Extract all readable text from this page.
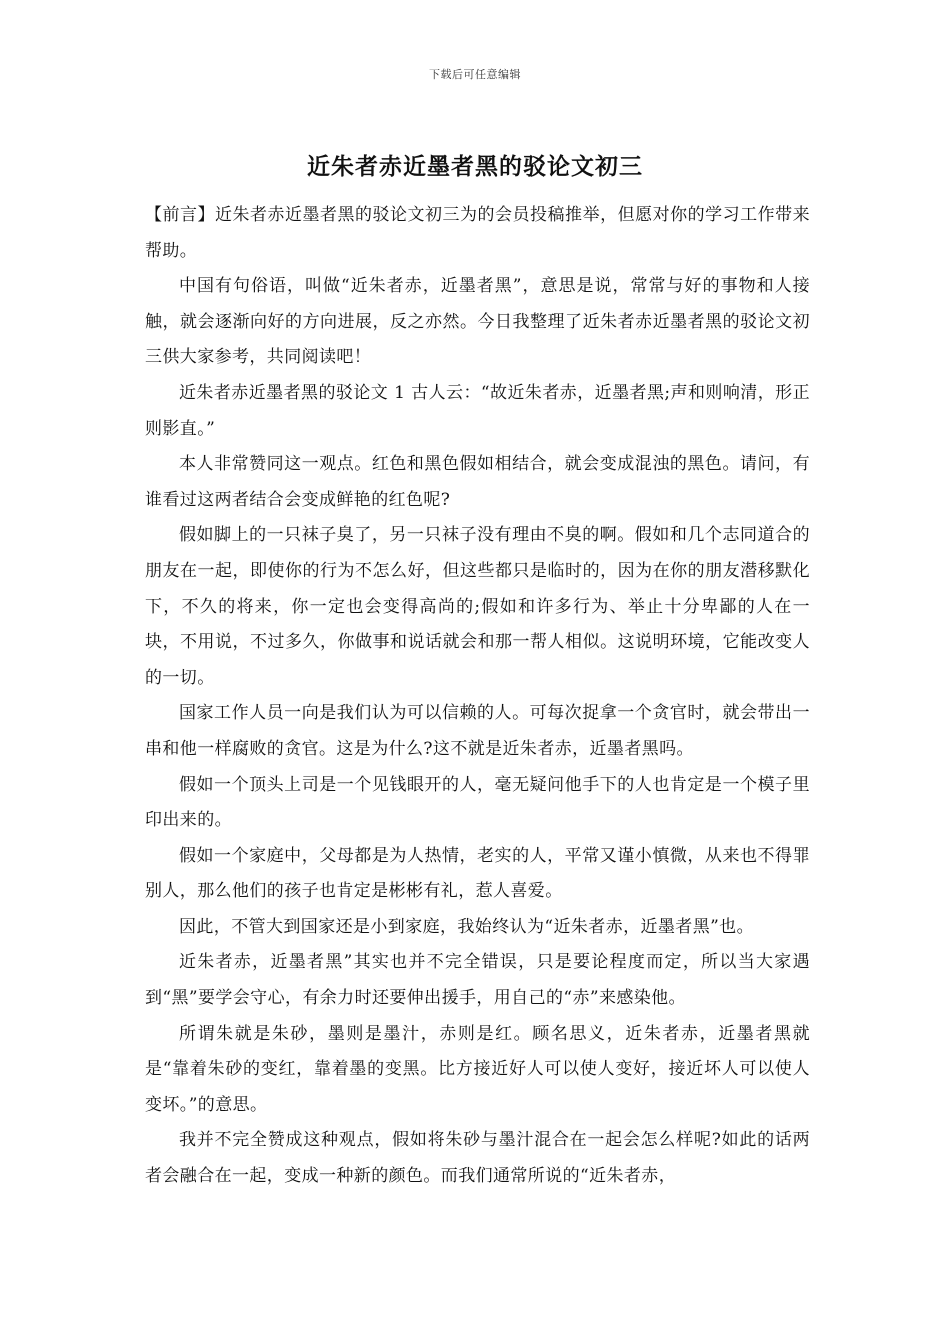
下载后可任意编辑
近朱者赤近墨者黑的驳论文初三

【前言】近朱者赤近墨者黑的驳论文初三为的会员投稿推举，但愿对你的学习工作带来帮助。

中国有句俗语，叫做“近朱者赤，近墨者黑”，意思是说，常常与好的事物和人接触，就会逐渐向好的方向进展，反之亦然。今日我整理了近朱者赤近墨者黑的驳论文初三供大家参考，共同阅读吧！

近朱者赤近墨者黑的驳论文 1 古人云：“故近朱者赤，近墨者黑;声和则响清，形正则影直。”

本人非常赞同这一观点。红色和黑色假如相结合，就会变成混浊的黑色。请问，有谁看过这两者结合会变成鲜艳的红色呢?

假如脚上的一只袜子臭了，另一只袜子没有理由不臭的啊。假如和几个志同道合的朋友在一起，即使你的行为不怎么好，但这些都只是临时的，因为在你的朋友潜移默化下，不久的将来，你一定也会变得高尚的;假如和许多行为、举止十分卑鄙的人在一块，不用说，不过多久，你做事和说话就会和那一帮人相似。这说明环境，它能改变人的一切。

国家工作人员一向是我们认为可以信赖的人。可每次捉拿一个贪官时，就会带出一串和他一样腐败的贪官。这是为什么?这不就是近朱者赤，近墨者黑吗。

假如一个顶头上司是一个见钱眼开的人，毫无疑问他手下的人也肯定是一个模子里印出来的。

假如一个家庭中，父母都是为人热情，老实的人，平常又谨小慎微，从来也不得罪别人，那么他们的孩子也肯定是彬彬有礼，惹人喜爱。

因此，不管大到国家还是小到家庭，我始终认为“近朱者赤，近墨者黑”也。

近朱者赤，近墨者黑”其实也并不完全错误，只是要论程度而定，所以当大家遇到“黑”要学会守心，有余力时还要伸出援手，用自己的“赤”来感染他。

所谓朱就是朱砂，墨则是墨汁，赤则是红。顾名思义，近朱者赤，近墨者黑就是“靠着朱砂的变红，靠着墨的变黑。比方接近好人可以使人变好，接近坏人可以使人变坏。”的意思。

我并不完全赞成这种观点，假如将朱砂与墨汁混合在一起会怎么样呢?如此的话两者会融合在一起，变成一种新的颜色。而我们通常所说的“近朱者赤，
